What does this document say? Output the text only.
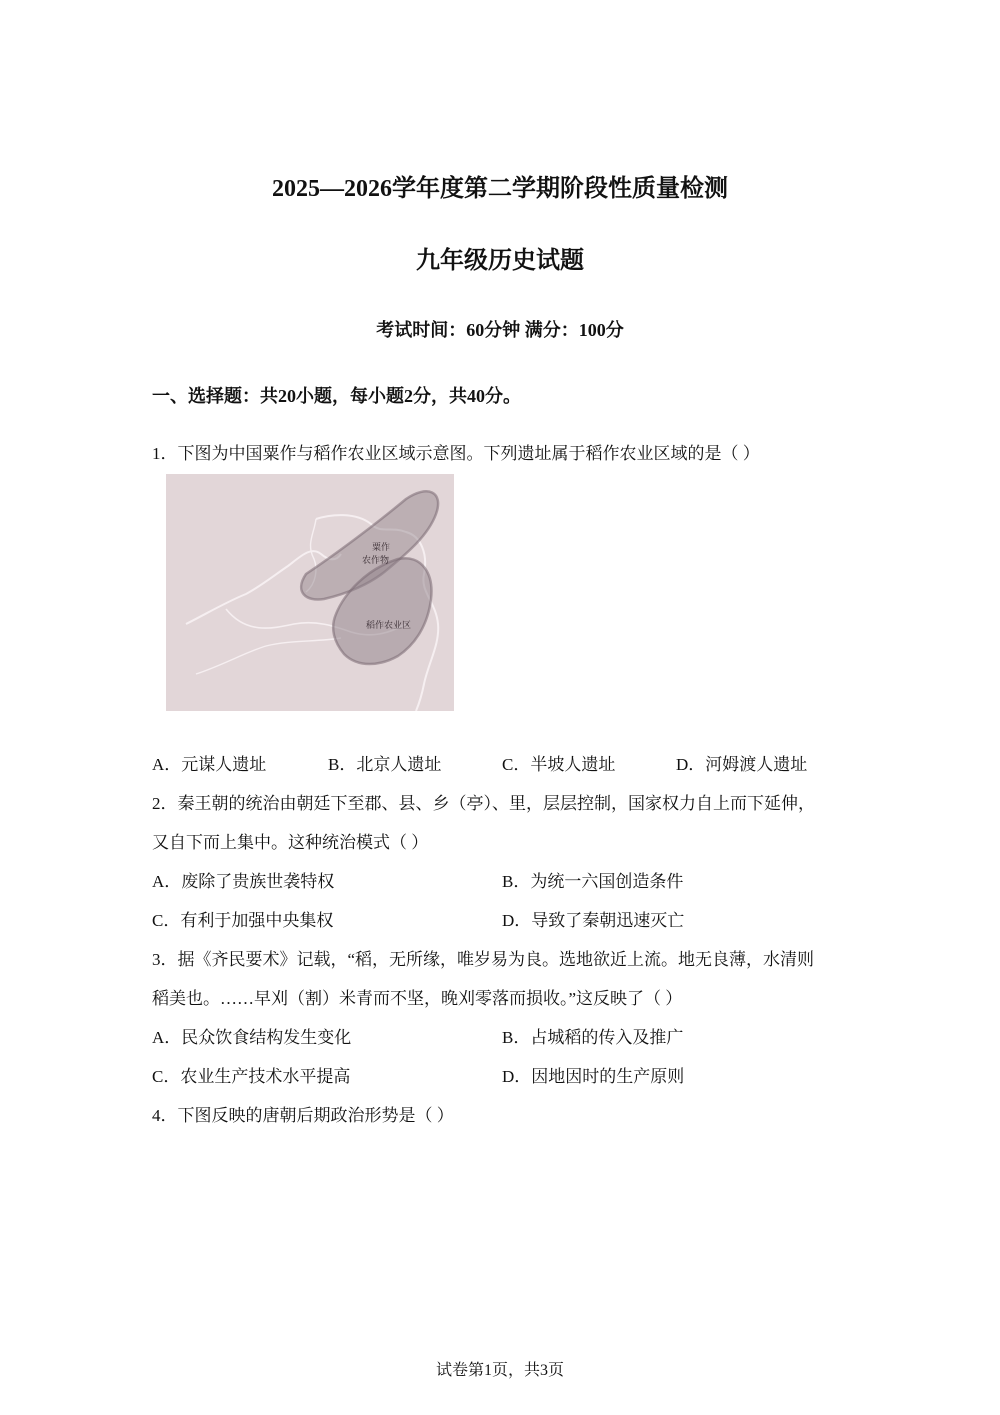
2025—2026学年度第二学期阶段性质量检测
九年级历史试题
考试时间：60分钟 满分：100分
一、选择题：共20小题，每小题2分，共40分。
1．下图为中国粟作与稻作农业区域示意图。下列遗址属于稻作农业区域的是（ ）
粟作
农作物
稻作农业区
A．元谋人遗址	B．北京人遗址	C．半坡人遗址	D．河姆渡人遗址
2．秦王朝的统治由朝廷下至郡、县、乡（亭）、里，层层控制，国家权力自上而下延伸，
又自下而上集中。这种统治模式（ ）
A．废除了贵族世袭特权	B．为统一六国创造条件
C．有利于加强中央集权	D．导致了秦朝迅速灭亡
3．据《齐民要术》记载，“稻，无所缘，唯岁易为良。选地欲近上流。地无良薄，水清则
稻美也。……早刈（割）米青而不坚，晚刈零落而损收。”这反映了（ ）
A．民众饮食结构发生变化	B．占城稻的传入及推广
C．农业生产技术水平提高	D．因地因时的生产原则
4．下图反映的唐朝后期政治形势是（ ）
试卷第1页，共3页
